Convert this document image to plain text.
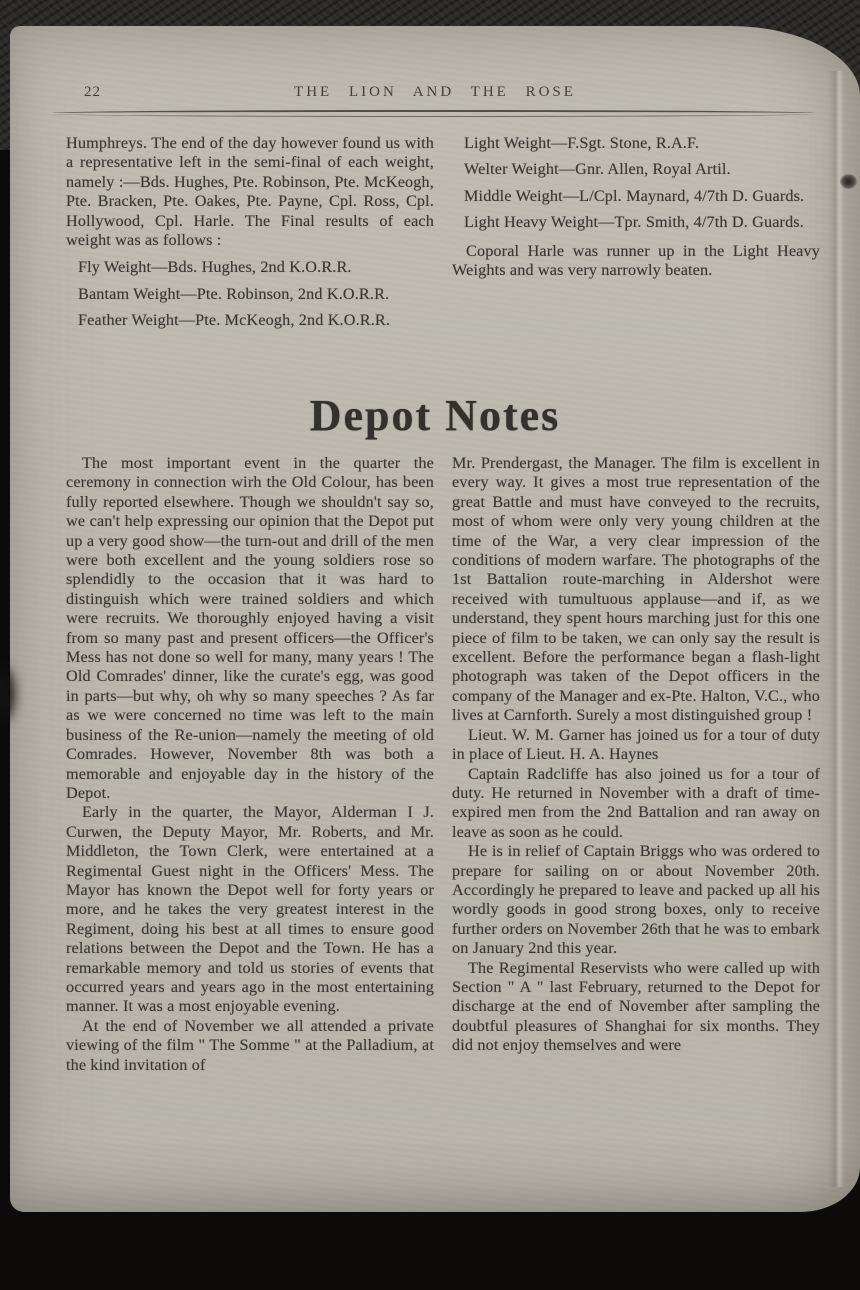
22	THE LION AND THE ROSE

Humphreys. The end of the day however found us with a representative left in the semi-final of each weight, namely :—Bds. Hughes, Pte. Robinson, Pte. McKeogh, Pte. Bracken, Pte. Oakes, Pte. Payne, Cpl. Ross, Cpl. Hollywood, Cpl. Harle. The Final results of each weight was as follows :

Fly Weight—Bds. Hughes, 2nd K.O.R.R.

Bantam Weight—Pte. Robinson, 2nd K.O.R.R.

Feather Weight—Pte. McKeogh, 2nd K.O.R.R.

Light Weight—F.Sgt. Stone, R.A.F.

Welter Weight—Gnr. Allen, Royal Artil.

Middle Weight—L/Cpl. Maynard, 4/7th D. Guards.

Light Heavy Weight—Tpr. Smith, 4/7th D. Guards.

Coporal Harle was runner up in the Light Heavy Weights and was very narrowly beaten.

Depot Notes

The most important event in the quarter the ceremony in connection wirh the Old Colour, has been fully reported elsewhere. Though we shouldn't say so, we can't help expressing our opinion that the Depot put up a very good show—the turn-out and drill of the men were both excellent and the young soldiers rose so splendidly to the occasion that it was hard to distinguish which were trained soldiers and which were recruits. We thoroughly enjoyed having a visit from so many past and present officers—the Officer's Mess has not done so well for many, many years ! The Old Comrades' dinner, like the curate's egg, was good in parts—but why, oh why so many speeches ? As far as we were concerned no time was left to the main business of the Re-union—namely the meeting of old Comrades. However, November 8th was both a memorable and enjoyable day in the history of the Depot.

Early in the quarter, the Mayor, Alderman I J. Curwen, the Deputy Mayor, Mr. Roberts, and Mr. Middleton, the Town Clerk, were entertained at a Regimental Guest night in the Officers' Mess. The Mayor has known the Depot well for forty years or more, and he takes the very greatest interest in the Regiment, doing his best at all times to ensure good relations between the Depot and the Town. He has a remarkable memory and told us stories of events that occurred years and years ago in the most entertaining manner. It was a most enjoyable evening.

At the end of November we all attended a private viewing of the film " The Somme " at the Palladium, at the kind invitation of

Mr. Prendergast, the Manager. The film is excellent in every way. It gives a most true representation of the great Battle and must have conveyed to the recruits, most of whom were only very young children at the time of the War, a very clear impression of the conditions of modern warfare. The photographs of the 1st Battalion route-marching in Aldershot were received with tumultuous applause—and if, as we understand, they spent hours marching just for this one piece of film to be taken, we can only say the result is excellent. Before the performance began a flash-light photograph was taken of the Depot officers in the company of the Manager and ex-Pte. Halton, V.C., who lives at Carnforth. Surely a most distinguished group !

Lieut. W. M. Garner has joined us for a tour of duty in place of Lieut. H. A. Haynes

Captain Radcliffe has also joined us for a tour of duty. He returned in November with a draft of time-expired men from the 2nd Battalion and ran away on leave as soon as he could.

He is in relief of Captain Briggs who was ordered to prepare for sailing on or about November 20th. Accordingly he prepared to leave and packed up all his wordly goods in good strong boxes, only to receive further orders on November 26th that he was to embark on January 2nd this year.

The Regimental Reservists who were called up with Section " A " last February, returned to the Depot for discharge at the end of November after sampling the doubtful pleasures of Shanghai for six months. They did not enjoy themselves and were
